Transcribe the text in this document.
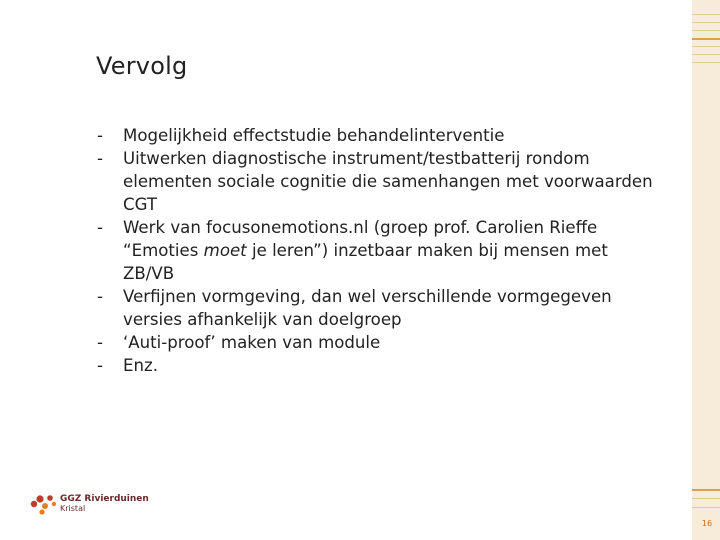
Vervolg
- Mogelijkheid effectstudie behandelinterventie
- Uitwerken diagnostische instrument/testbatterij rondom elementen sociale cognitie die samenhangen met voorwaarden CGT
- Werk van focusonemotions.nl (groep prof. Carolien Rieffe “Emoties moet je leren”) inzetbaar maken bij mensen met ZB/VB
- Verfijnen vormgeving, dan wel verschillende vormgegeven versies afhankelijk van doelgroep
- ‘Auti-proof’ maken van module
- Enz.
GGZ Rivierduinen
Kristal
16
